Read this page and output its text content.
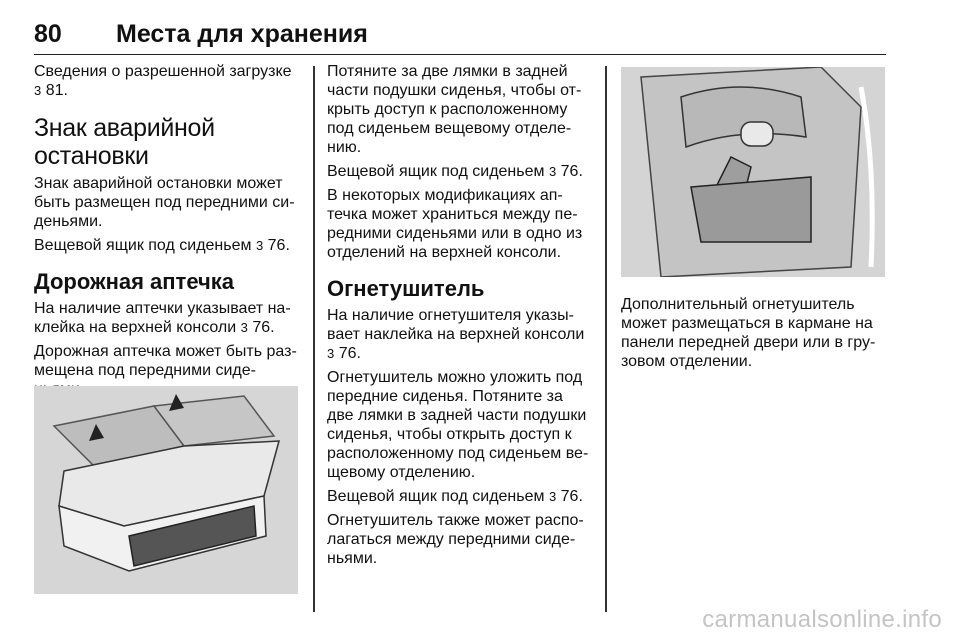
80 Места для хранения

Сведения о разрешенной загрузке
3 81.

Знак аварийной остановки

Знак аварийной остановки может быть размещен под передними си-деньями.

Вещевой ящик под сиденьем 3 76.

Дорожная аптечка

На наличие аптечки указывает на-клейка на верхней консоли 3 76.

Дорожная аптечка может быть раз-мещена под передними сиде-

Потяните за две лямки в задней части подушки сиденья, чтобы от-крыть доступ к расположенному под сиденьем вещевому отделе-нию.

Вещевой ящик под сиденьем 3 76.

В некоторых модификациях ап-течка может храниться между пе-редними сиденьями или в одно из отделений на верхней консоли.

Огнетушитель

На наличие огнетушителя указы-вает наклейка на верхней консоли
3 76.

Огнетушитель можно уложить под передние сиденья. Потяните за две лямки в задней части подушки сиденья, чтобы открыть доступ к расположенному под сиденьем ве-щевому отделению.

Вещевой ящик под сиденьем 3 76.

Огнетушитель также может распо-лагаться между передними сиде-ньями.

Дополнительный огнетушитель может размещаться в кармане на панели передней двери или в гру-зовом отделении.

carmanualsonline.info
